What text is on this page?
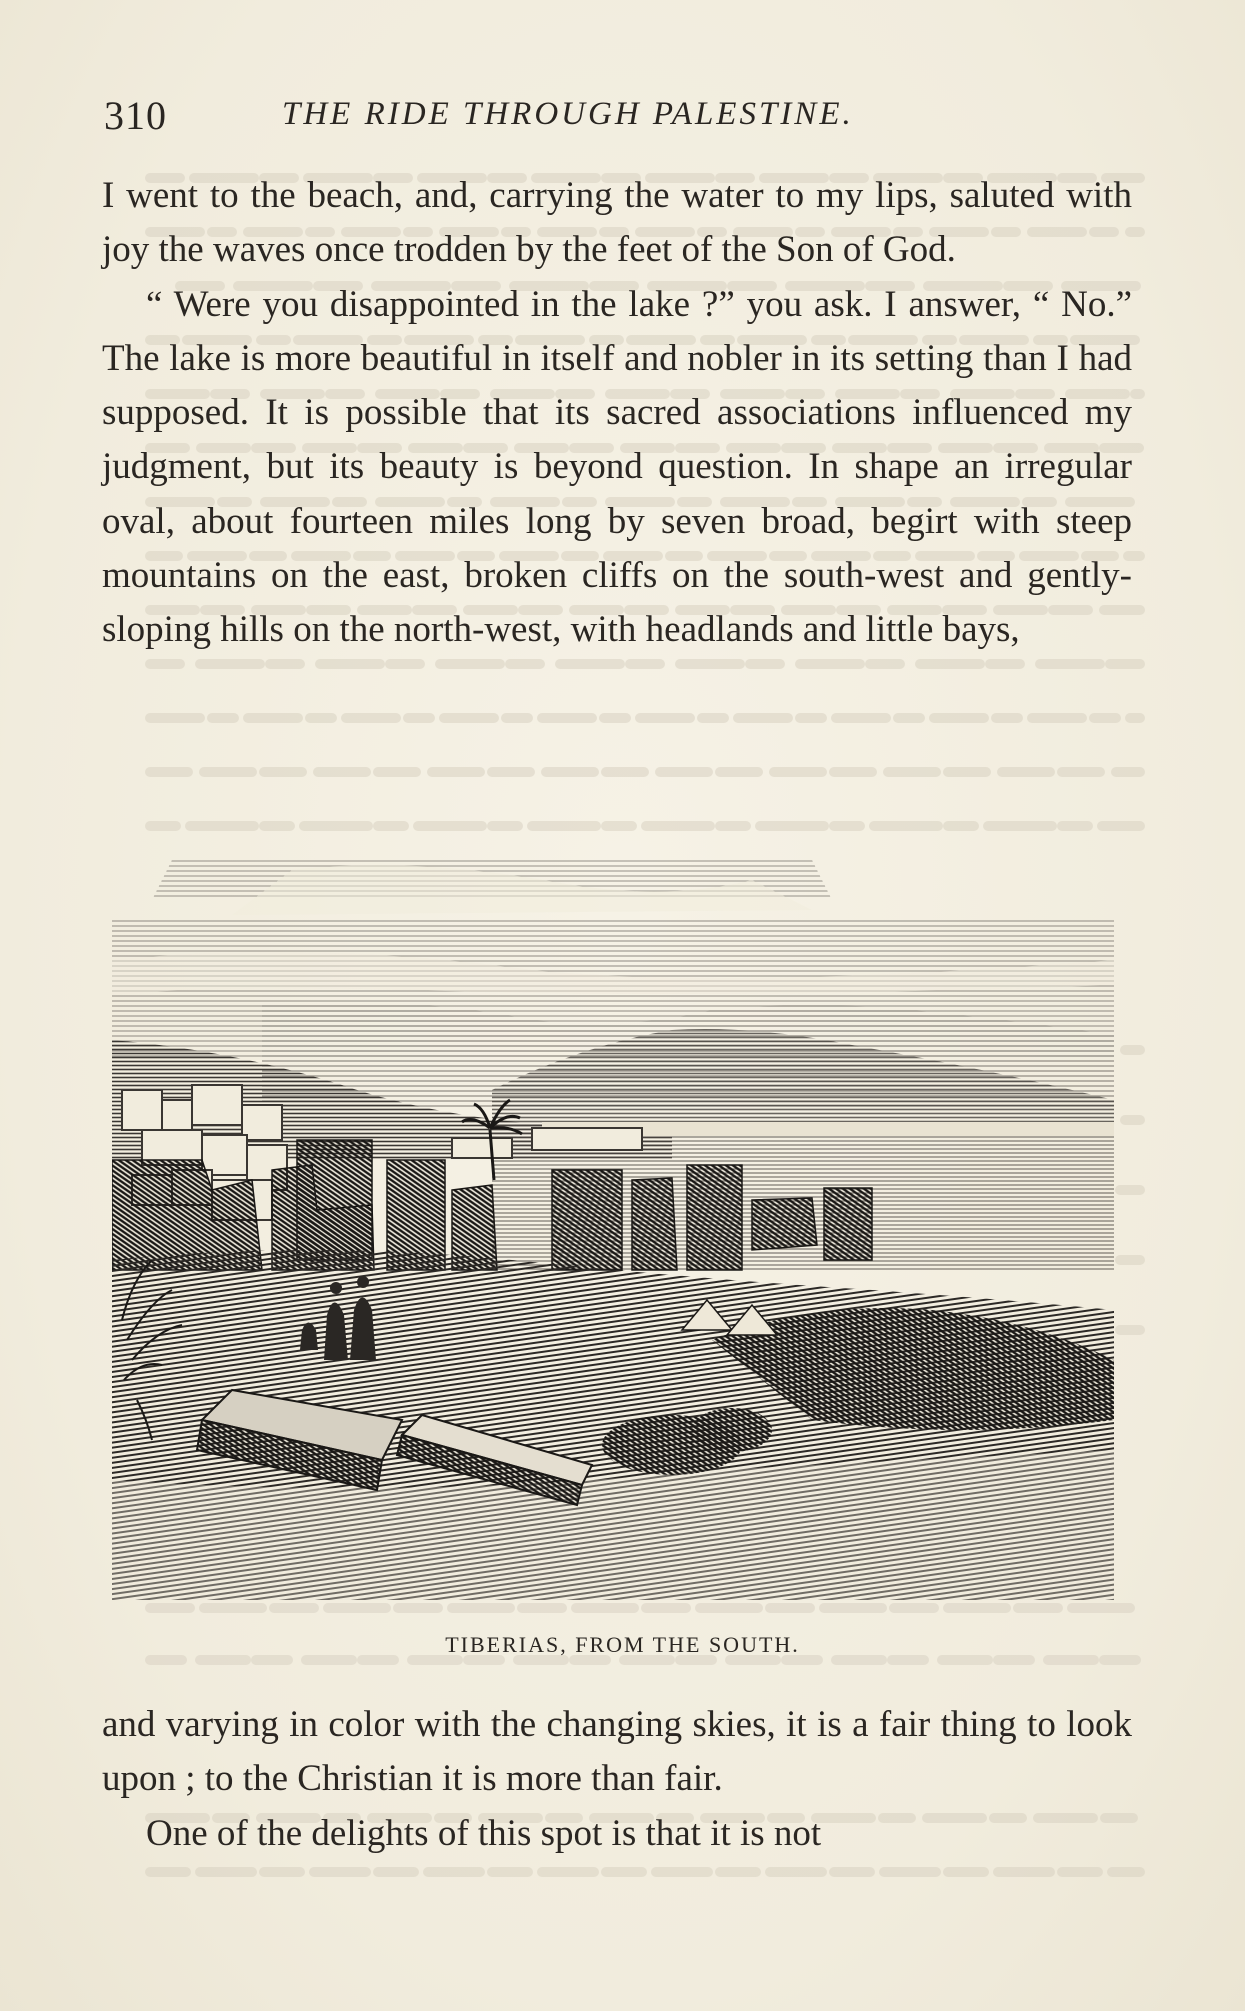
310	THE RIDE THROUGH PALESTINE.

I went to the beach, and, carrying the water to my lips, saluted with joy the waves once trodden by the feet of the Son of God.

“ Were you disappointed in the lake ?” you ask. I answer, “ No.” The lake is more beautiful in itself and nobler in its setting than I had supposed. It is possible that its sacred associations influenced my judgment, but its beauty is beyond question. In shape an irregular oval, about fourteen miles long by seven broad, begirt with steep mountains on the east, broken cliffs on the south-west and gently-sloping hills on the north-west, with headlands and little bays,

TIBERIAS, FROM THE SOUTH.

and varying in color with the changing skies, it is a fair thing to look upon ; to the Christian it is more than fair.

One of the delights of this spot is that it is not
